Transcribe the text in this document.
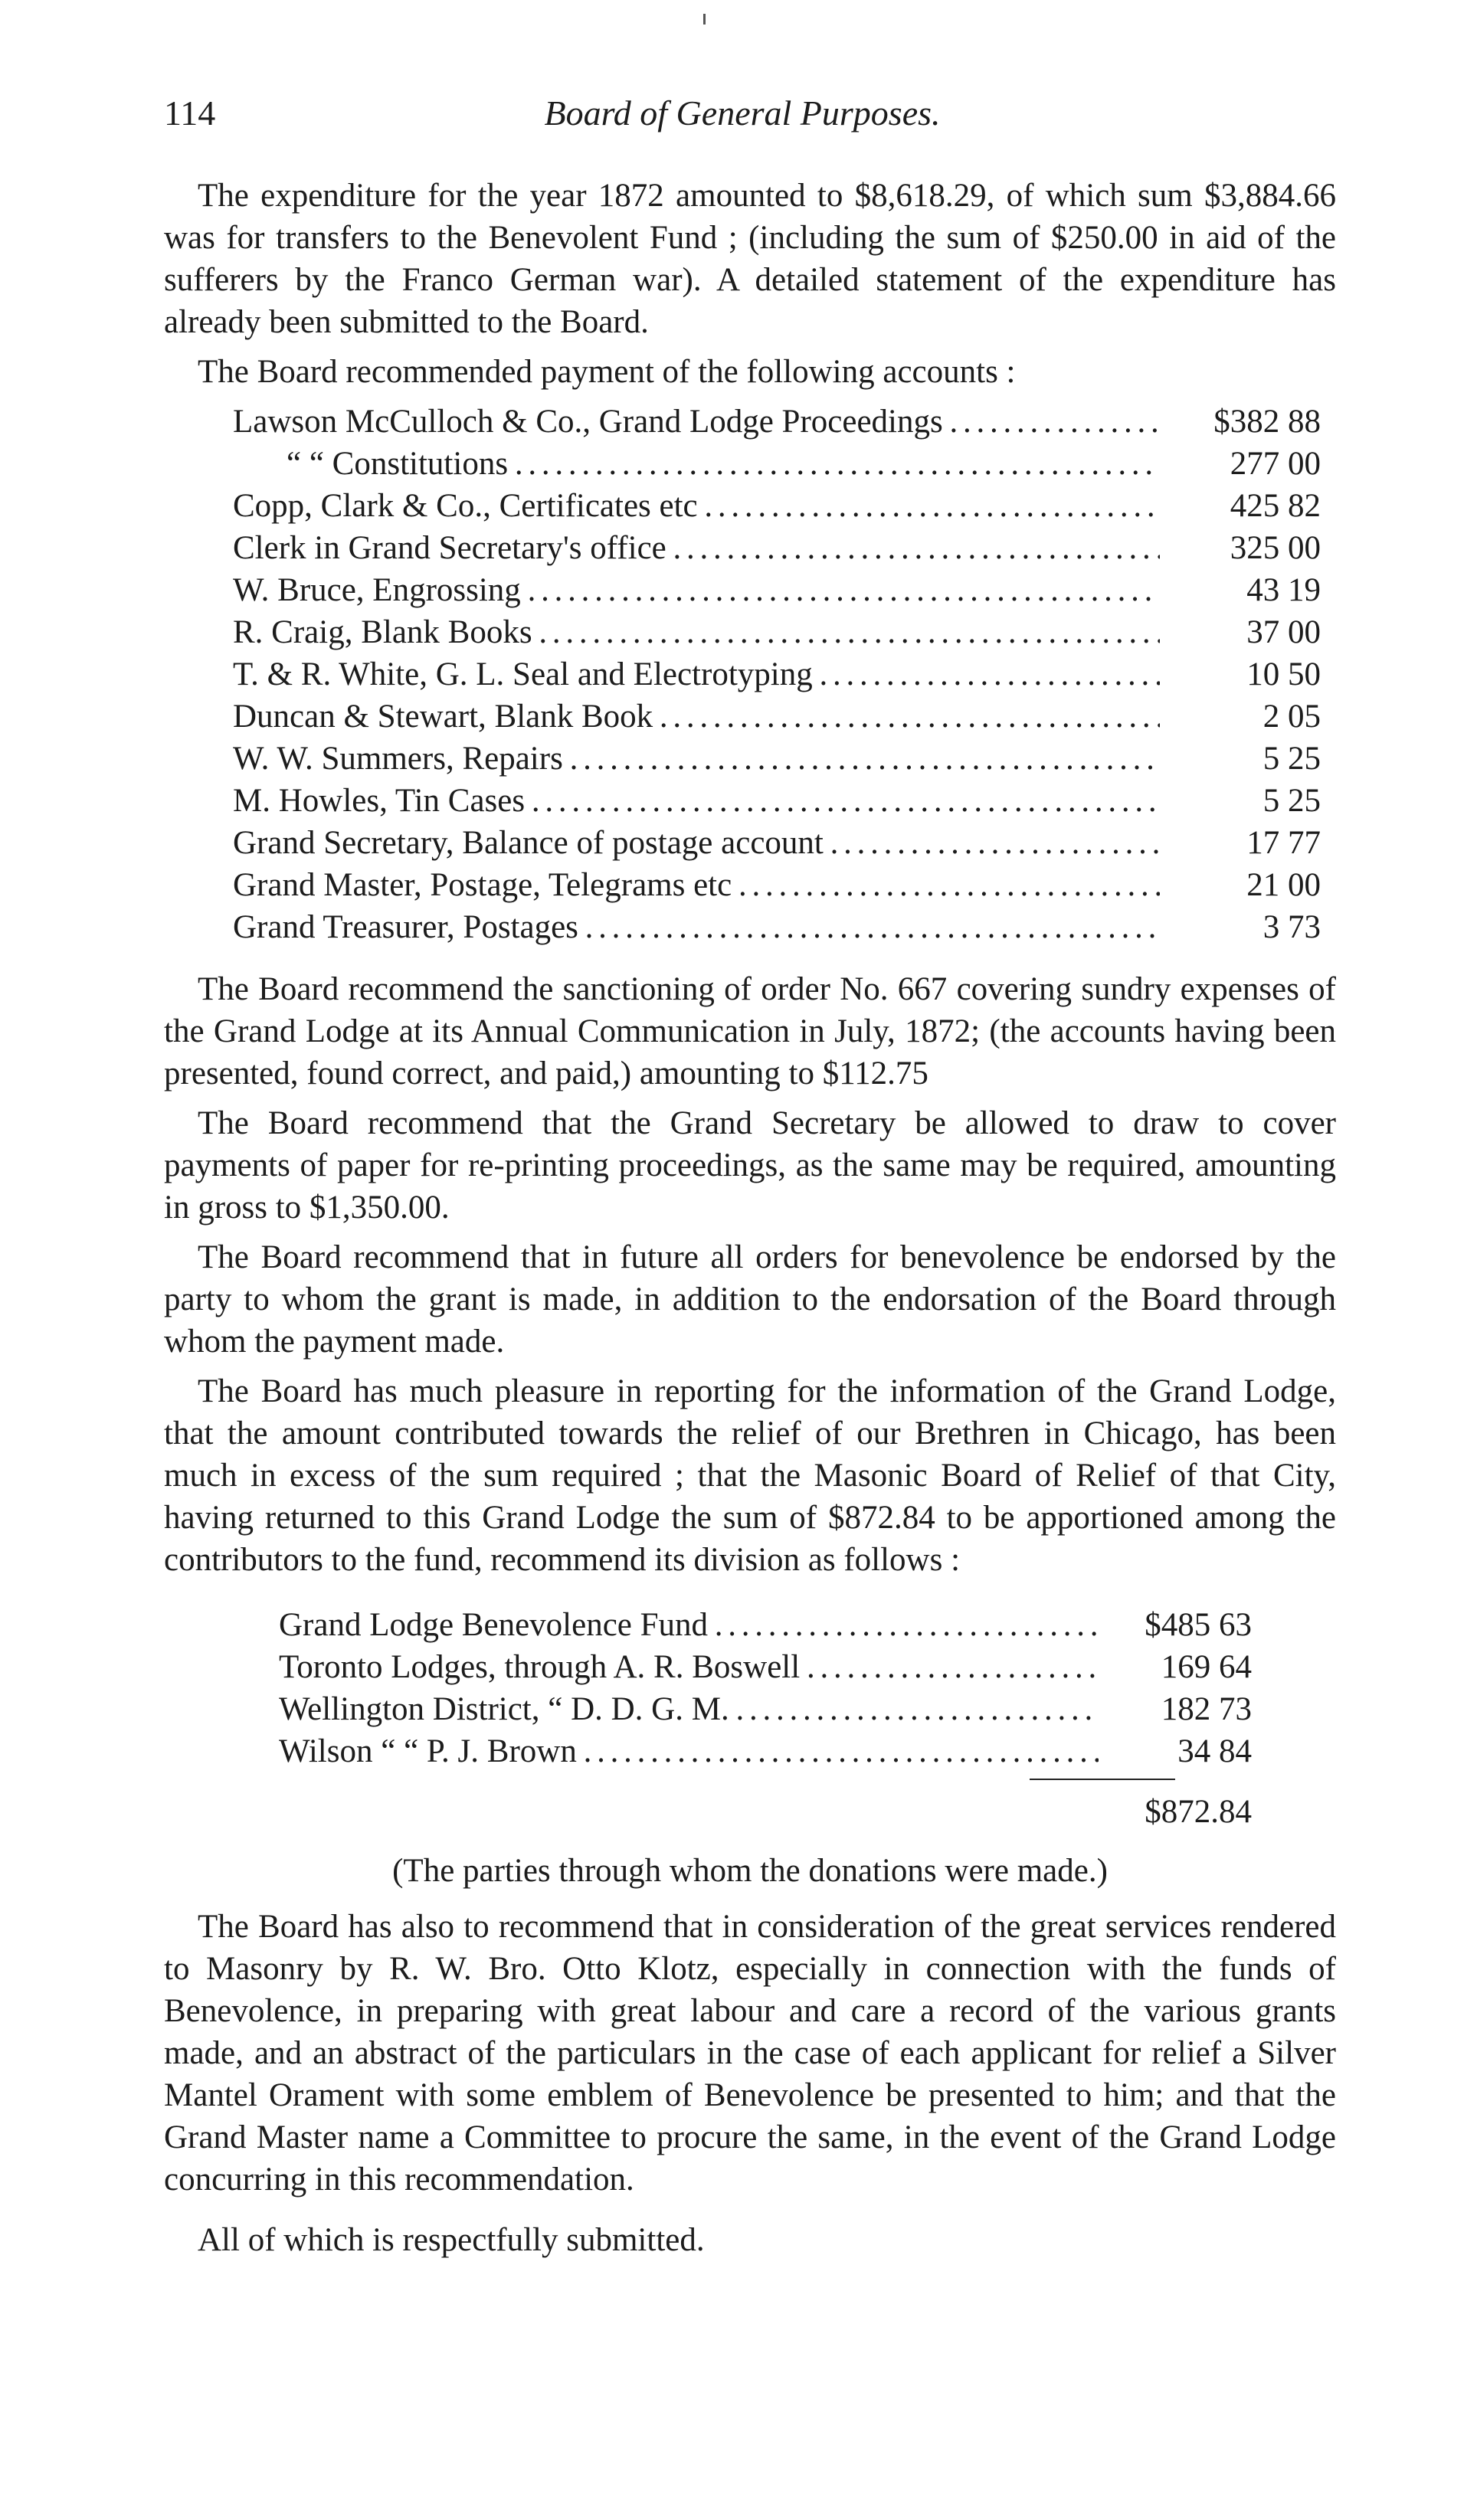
114	Board of General Purposes.

The expenditure for the year 1872 amounted to $8,618.29, of which sum $3,884.66 was for transfers to the Benevolent Fund ; (including the sum of $250.00 in aid of the sufferers by the Franco German war). A detailed statement of the expenditure has already been submitted to the Board.

The Board recommended payment of the following accounts :

Lawson McCulloch & Co., Grand Lodge Proceedings . . .	$382 88
“ “ Constitutions . . .	277 00
Copp, Clark & Co., Certificates etc . . .	425 82
Clerk in Grand Secretary's office . . .	325 00
W. Bruce, Engrossing . . .	43 19
R. Craig, Blank Books . . .	37 00
T. & R. White, G. L. Seal and Electrotyping . . .	10 50
Duncan & Stewart, Blank Book . . .	2 05
W. W. Summers, Repairs . . .	5 25
M. Howles, Tin Cases . . .	5 25
Grand Secretary, Balance of postage account . . .	17 77
Grand Master, Postage, Telegrams etc . . .	21 00
Grand Treasurer, Postages . . .	3 73

The Board recommend the sanctioning of order No. 667 covering sundry expenses of the Grand Lodge at its Annual Communication in July, 1872; (the accounts having been presented, found correct, and paid,) amounting to $112.75

The Board recommend that the Grand Secretary be allowed to draw to cover payments of paper for re-printing proceedings, as the same may be required, amounting in gross to $1,350.00.

The Board recommend that in future all orders for benevolence be endorsed by the party to whom the grant is made, in addition to the endorsation of the Board through whom the payment made.

The Board has much pleasure in reporting for the information of the Grand Lodge, that the amount contributed towards the relief of our Brethren in Chicago, has been much in excess of the sum required ; that the Masonic Board of Relief of that City, having returned to this Grand Lodge the sum of $872.84 to be apportioned among the contributors to the fund, recommend its division as follows :

Grand Lodge Benevolence Fund . . .	$485 63
Toronto Lodges, through A. R. Boswell . . .	169 64
Wellington District, “ D. D. G. M. . . .	182 73
Wilson “ “ P. J. Brown . . .	34 84
$872.84
(The parties through whom the donations were made.)

The Board has also to recommend that in consideration of the great services rendered to Masonry by R. W. Bro. Otto Klotz, especially in connection with the funds of Benevolence, in preparing with great labour and care a record of the various grants made, and an abstract of the particulars in the case of each applicant for relief a Silver Mantel Orament with some emblem of Benevolence be presented to him; and that the Grand Master name a Committee to procure the same, in the event of the Grand Lodge concurring in this recommendation.

All of which is respectfully submitted.
